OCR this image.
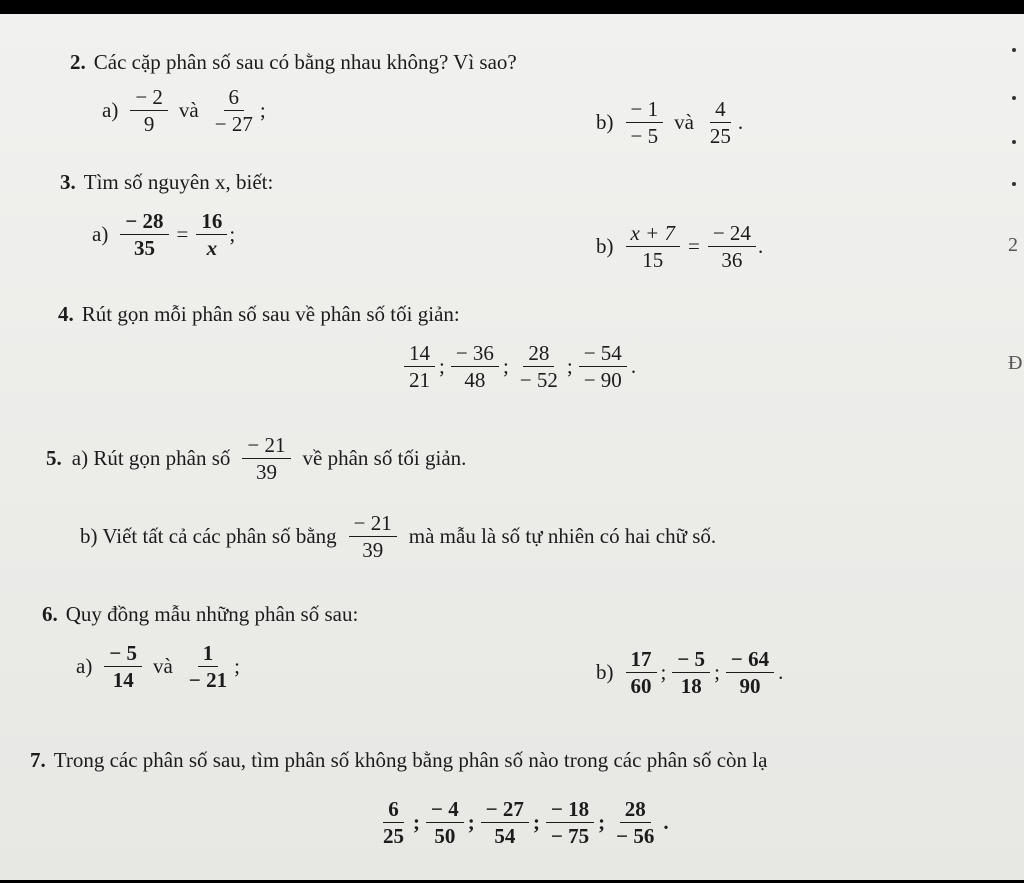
2
Đ
2. Các cặp phân số sau có bằng nhau không? Vì sao?
$a) \frac{- 2}{9}$ và $\frac{6}{- 27}$ ;	$b) \frac{- 1}{- 5}$ và $\frac{4}{25}$ .
3. Tìm số nguyên x, biết:
$a) \frac{- 28}{35} = \frac{16}{x}$ ;	$b) \frac{x + 7}{15} = \frac{- 24}{36}$ .
4. Rút gọn mỗi phân số sau về phân số tối giản:
$\frac{14}{21}$ ; $\frac{- 36}{48}$ ; $\frac{28}{- 52}$ ; $\frac{- 54}{- 90}$ .
5. a) Rút gọn phân số $\frac{- 21}{39}$ về phân số tối giản.
b) Viết tất cả các phân số bằng $\frac{- 21}{39}$ mà mẫu là số tự nhiên có hai chữ số.
6. Quy đồng mẫu những phân số sau:
$a) \frac{- 5}{14}$ và $\frac{1}{- 21}$ ;	$b) \frac{17}{60}$ ; $\frac{- 5}{18}$ ; $\frac{- 64}{90}$ .
7. Trong các phân số sau, tìm phân số không bằng phân số nào trong các phân số còn lạ
$\frac{6}{25}$ ; $\frac{- 4}{50}$ ; $\frac{- 27}{54}$ ; $\frac{- 18}{- 75}$ ; $\frac{28}{- 56}$ .
